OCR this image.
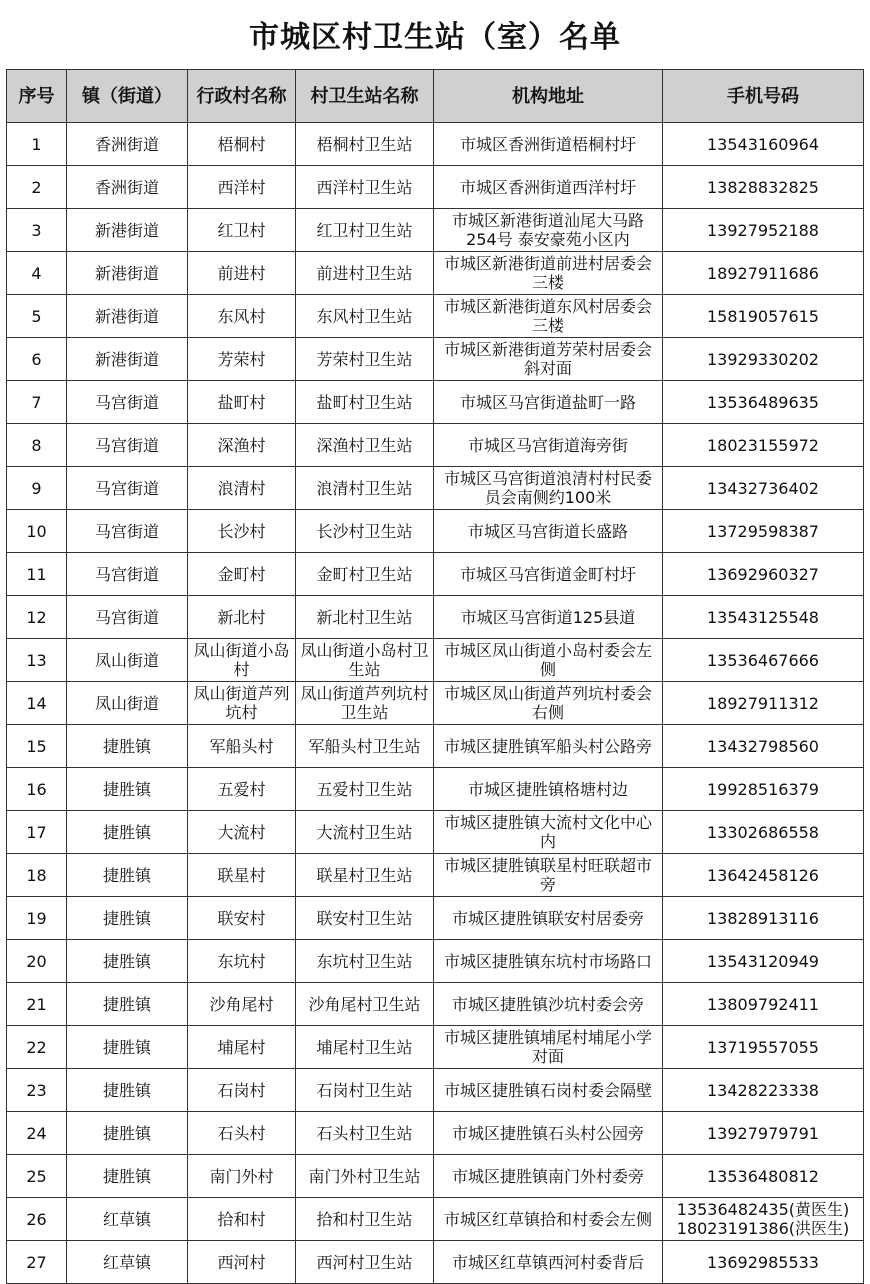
市城区村卫生站（室）名单
序号	镇（街道）	行政村名称	村卫生站名称	机构地址	手机号码
1	香洲街道	梧桐村	梧桐村卫生站	市城区香洲街道梧桐村圩	13543160964
2	香洲街道	西洋村	西洋村卫生站	市城区香洲街道西洋村圩	13828832825
3	新港街道	红卫村	红卫村卫生站	市城区新港街道汕尾大马路254号 泰安豪苑小区内	13927952188
4	新港街道	前进村	前进村卫生站	市城区新港街道前进村居委会三楼	18927911686
5	新港街道	东风村	东风村卫生站	市城区新港街道东风村居委会三楼	15819057615
6	新港街道	芳荣村	芳荣村卫生站	市城区新港街道芳荣村居委会斜对面	13929330202
7	马宫街道	盐町村	盐町村卫生站	市城区马宫街道盐町一路	13536489635
8	马宫街道	深渔村	深渔村卫生站	市城区马宫街道海旁街	18023155972
9	马宫街道	浪清村	浪清村卫生站	市城区马宫街道浪清村村民委员会南侧约100米	13432736402
10	马宫街道	长沙村	长沙村卫生站	市城区马宫街道长盛路	13729598387
11	马宫街道	金町村	金町村卫生站	市城区马宫街道金町村圩	13692960327
12	马宫街道	新北村	新北村卫生站	市城区马宫街道125县道	13543125548
13	凤山街道	凤山街道小岛村	凤山街道小岛村卫生站	市城区凤山街道小岛村委会左侧	13536467666
14	凤山街道	凤山街道芦列坑村	凤山街道芦列坑村卫生站	市城区凤山街道芦列坑村委会右侧	18927911312
15	捷胜镇	军船头村	军船头村卫生站	市城区捷胜镇军船头村公路旁	13432798560
16	捷胜镇	五爱村	五爱村卫生站	市城区捷胜镇格塘村边	19928516379
17	捷胜镇	大流村	大流村卫生站	市城区捷胜镇大流村文化中心内	13302686558
18	捷胜镇	联星村	联星村卫生站	市城区捷胜镇联星村旺联超市旁	13642458126
19	捷胜镇	联安村	联安村卫生站	市城区捷胜镇联安村居委旁	13828913116
20	捷胜镇	东坑村	东坑村卫生站	市城区捷胜镇东坑村市场路口	13543120949
21	捷胜镇	沙角尾村	沙角尾村卫生站	市城区捷胜镇沙坑村委会旁	13809792411
22	捷胜镇	埔尾村	埔尾村卫生站	市城区捷胜镇埔尾村埔尾小学对面	13719557055
23	捷胜镇	石岗村	石岗村卫生站	市城区捷胜镇石岗村委会隔壁	13428223338
24	捷胜镇	石头村	石头村卫生站	市城区捷胜镇石头村公园旁	13927979791
25	捷胜镇	南门外村	南门外村卫生站	市城区捷胜镇南门外村委旁	13536480812
26	红草镇	拾和村	拾和村卫生站	市城区红草镇拾和村委会左侧	13536482435(黄医生) 18023191386(洪医生)
27	红草镇	西河村	西河村卫生站	市城区红草镇西河村委背后	13692985533
